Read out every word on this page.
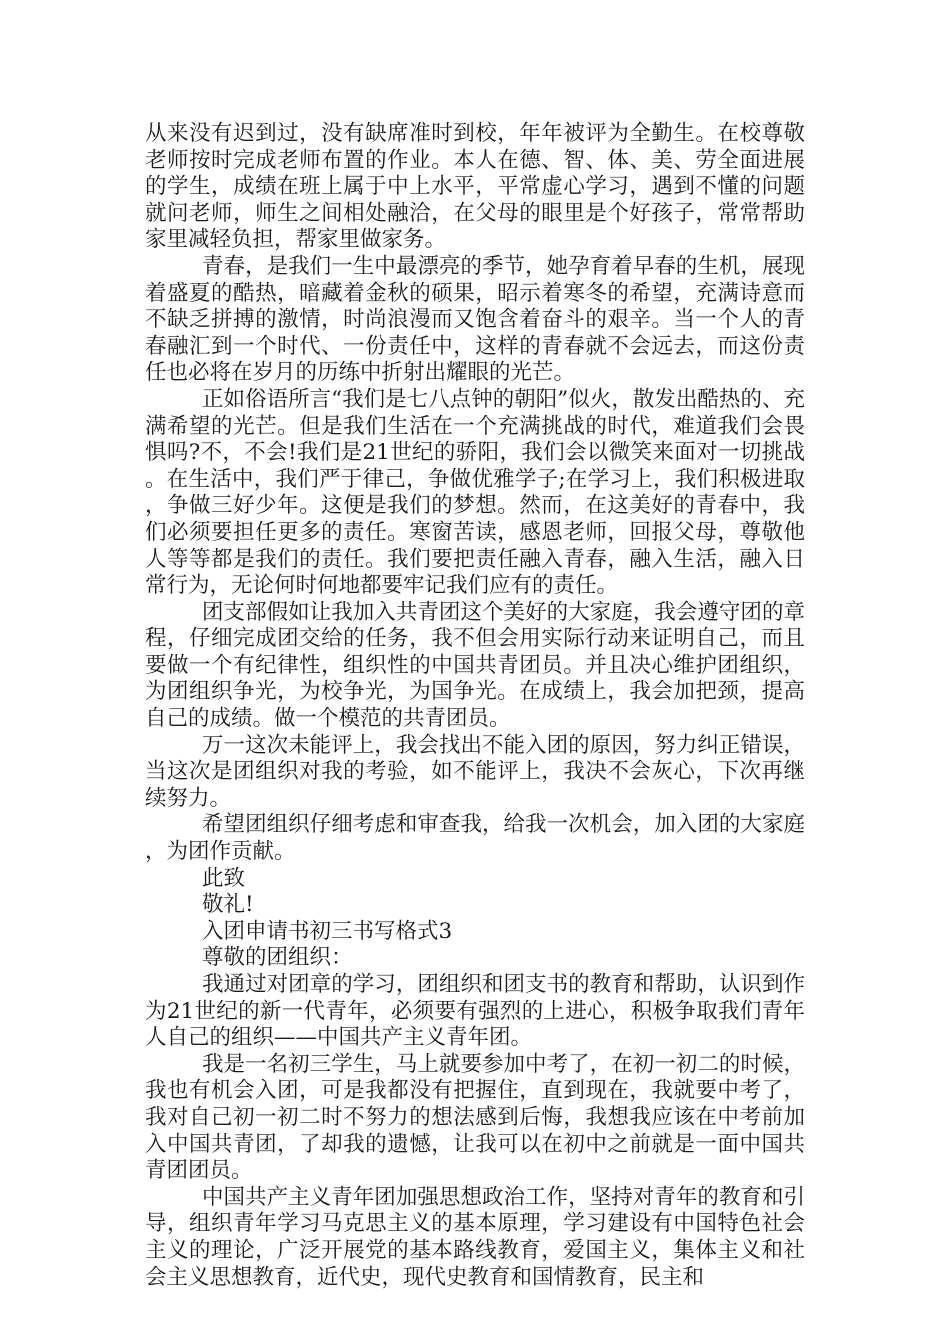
从来没有迟到过，没有缺席准时到校，年年被评为全勤生。在校尊敬老师按时完成老师布置的作业。本人在德、智、体、美、劳全面进展的学生，成绩在班上属于中上水平，平常虚心学习，遇到不懂的问题就问老师，师生之间相处融洽，在父母的眼里是个好孩子，常常帮助家里减轻负担，帮家里做家务。

青春，是我们一生中最漂亮的季节，她孕育着早春的生机，展现着盛夏的酷热，暗藏着金秋的硕果，昭示着寒冬的希望，充满诗意而不缺乏拼搏的激情，时尚浪漫而又饱含着奋斗的艰辛。当一个人的青春融汇到一个时代、一份责任中，这样的青春就不会远去，而这份责任也必将在岁月的历练中折射出耀眼的光芒。

正如俗语所言“我们是七八点钟的朝阳”似火，散发出酷热的、充满希望的光芒。但是我们生活在一个充满挑战的时代，难道我们会畏惧吗?不，不会!我们是21世纪的骄阳，我们会以微笑来面对一切挑战。在生活中，我们严于律己，争做优雅学子;在学习上，我们积极进取，争做三好少年。这便是我们的梦想。然而，在这美好的青春中，我们必须要担任更多的责任。寒窗苦读，感恩老师，回报父母，尊敬他人等等都是我们的责任。我们要把责任融入青春，融入生活，融入日常行为，无论何时何地都要牢记我们应有的责任。

团支部假如让我加入共青团这个美好的大家庭，我会遵守团的章程，仔细完成团交给的任务，我不但会用实际行动来证明自己，而且要做一个有纪律性，组织性的中国共青团员。并且决心维护团组织，为团组织争光，为校争光，为国争光。在成绩上，我会加把颈，提高自己的成绩。做一个模范的共青团员。

万一这次未能评上，我会找出不能入团的原因，努力纠正错误，当这次是团组织对我的考验，如不能评上，我决不会灰心，下次再继续努力。

希望团组织仔细考虑和审查我，给我一次机会，加入团的大家庭，为团作贡献。

此致

敬礼!

入团申请书初三书写格式3

尊敬的团组织：

我通过对团章的学习，团组织和团支书的教育和帮助，认识到作为21世纪的新一代青年，必须要有强烈的上进心，积极争取我们青年人自己的组织——中国共产主义青年团。

我是一名初三学生，马上就要参加中考了，在初一初二的时候，我也有机会入团，可是我都没有把握住，直到现在，我就要中考了，我对自己初一初二时不努力的想法感到后悔，我想我应该在中考前加入中国共青团，了却我的遗憾，让我可以在初中之前就是一面中国共青团团员。

中国共产主义青年团加强思想政治工作，坚持对青年的教育和引导，组织青年学习马克思主义的基本原理，学习建设有中国特色社会主义的理论，广泛开展党的基本路线教育，爱国主义，集体主义和社会主义思想教育，近代史，现代史教育和国情教育，民主和
